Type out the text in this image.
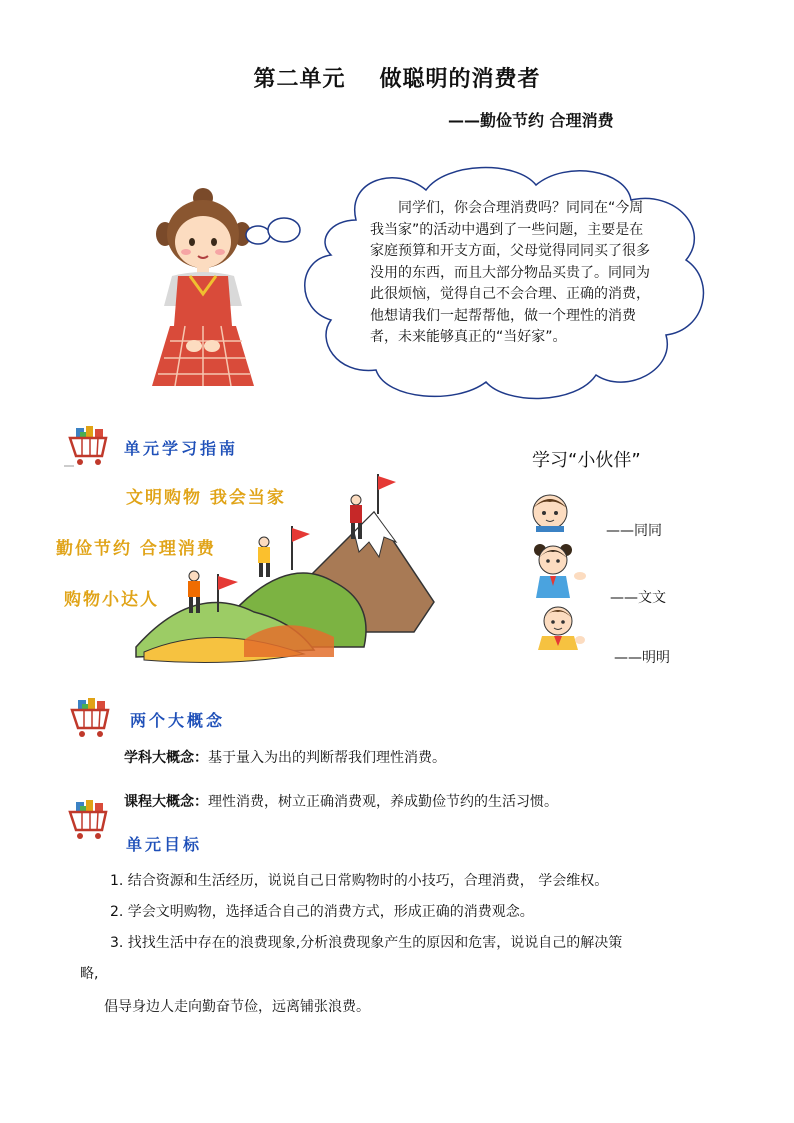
第二单元 做聪明的消费者
——勤俭节约 合理消费
同学们，你会合理消费吗？同同在“今周我当家”的活动中遇到了一些问题，主要是在家庭预算和开支方面，父母觉得同同买了很多没用的东西，而且大部分物品买贵了。同同为此很烦恼，觉得自己不会合理、正确的消费，他想请我们一起帮帮他，做一个理性的消费者，未来能够真正的“当好家”。
单元学习指南
文明购物 我会当家
勤俭节约 合理消费
购物小达人
学习“小伙伴”
——同同
——文文
——明明
两个大概念
学科大概念：基于量入为出的判断帮我们理性消费。
课程大概念：理性消费，树立正确消费观，养成勤俭节约的生活习惯。
单元目标
1. 结合资源和生活经历，说说自己日常购物时的小技巧，合理消费， 学会维权。
2. 学会文明购物，选择适合自己的消费方式，形成正确的消费观念。
3. 找找生活中存在的浪费现象,分析浪费现象产生的原因和危害，说说自己的解决策
略,
倡导身边人走向勤奋节俭，远离铺张浪费。
